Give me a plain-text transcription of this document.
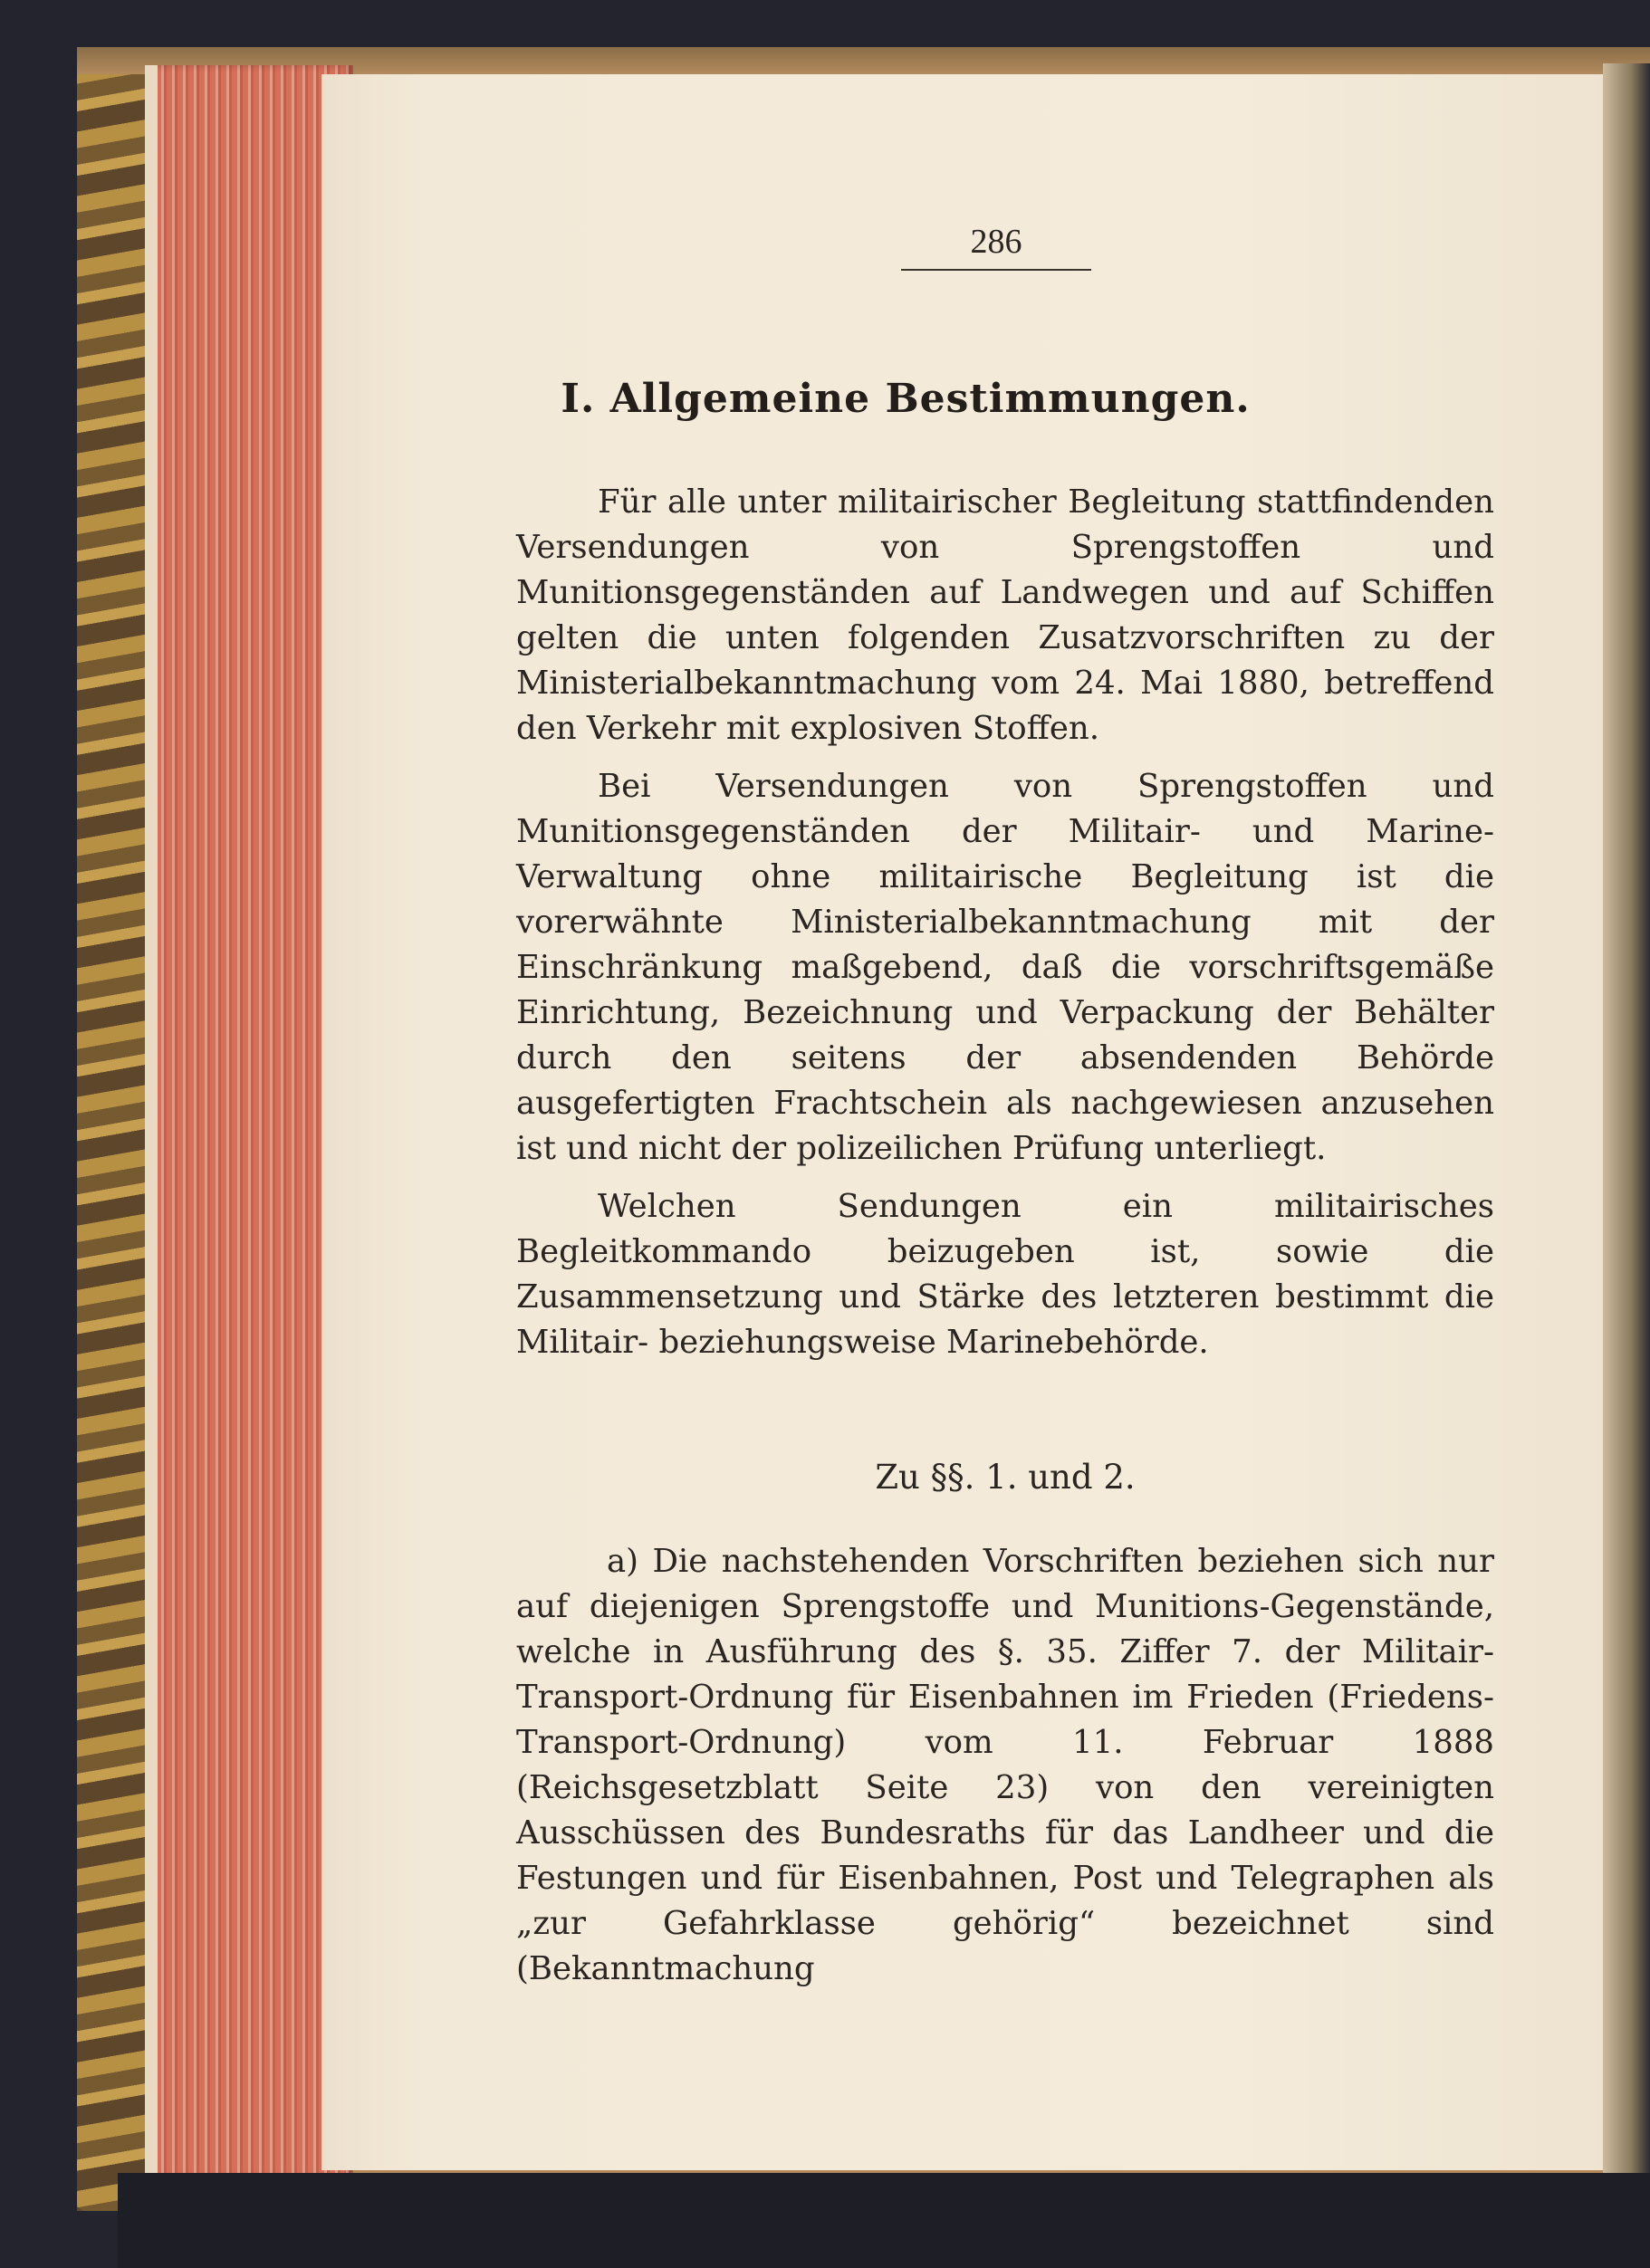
286
I. Allgemeine Bestimmungen.

Für alle unter militairischer Begleitung stattfindenden Versendungen von Sprengstoffen und Munitionsgegenständen auf Landwegen und auf Schiffen gelten die unten folgenden Zusatzvorschriften zu der Ministerialbekanntmachung vom 24. Mai 1880, betreffend den Verkehr mit explosiven Stoffen.

Bei Versendungen von Sprengstoffen und Munitionsgegenständen der Militair- und Marine-Verwaltung ohne militairische Begleitung ist die vorerwähnte Ministerialbekanntmachung mit der Einschränkung maßgebend, daß die vorschriftsgemäße Einrichtung, Bezeichnung und Verpackung der Behälter durch den seitens der absendenden Behörde ausgefertigten Frachtschein als nachgewiesen anzusehen ist und nicht der polizeilichen Prüfung unterliegt.

Welchen Sendungen ein militairisches Begleitkommando beizugeben ist, sowie die Zusammensetzung und Stärke des letzteren bestimmt die Militair- beziehungsweise Marinebehörde.

Zu §§. 1. und 2.

a) Die nachstehenden Vorschriften beziehen sich nur auf diejenigen Sprengstoffe und Munitions-Gegenstände, welche in Ausführung des §. 35. Ziffer 7. der Militair-Transport-Ordnung für Eisenbahnen im Frieden (Friedens-Transport-Ordnung) vom 11. Februar 1888 (Reichsgesetzblatt Seite 23) von den vereinigten Ausschüssen des Bundesraths für das Landheer und die Festungen und für Eisenbahnen, Post und Telegraphen als „zur Gefahrklasse gehörig“ bezeichnet sind (Bekanntmachung
